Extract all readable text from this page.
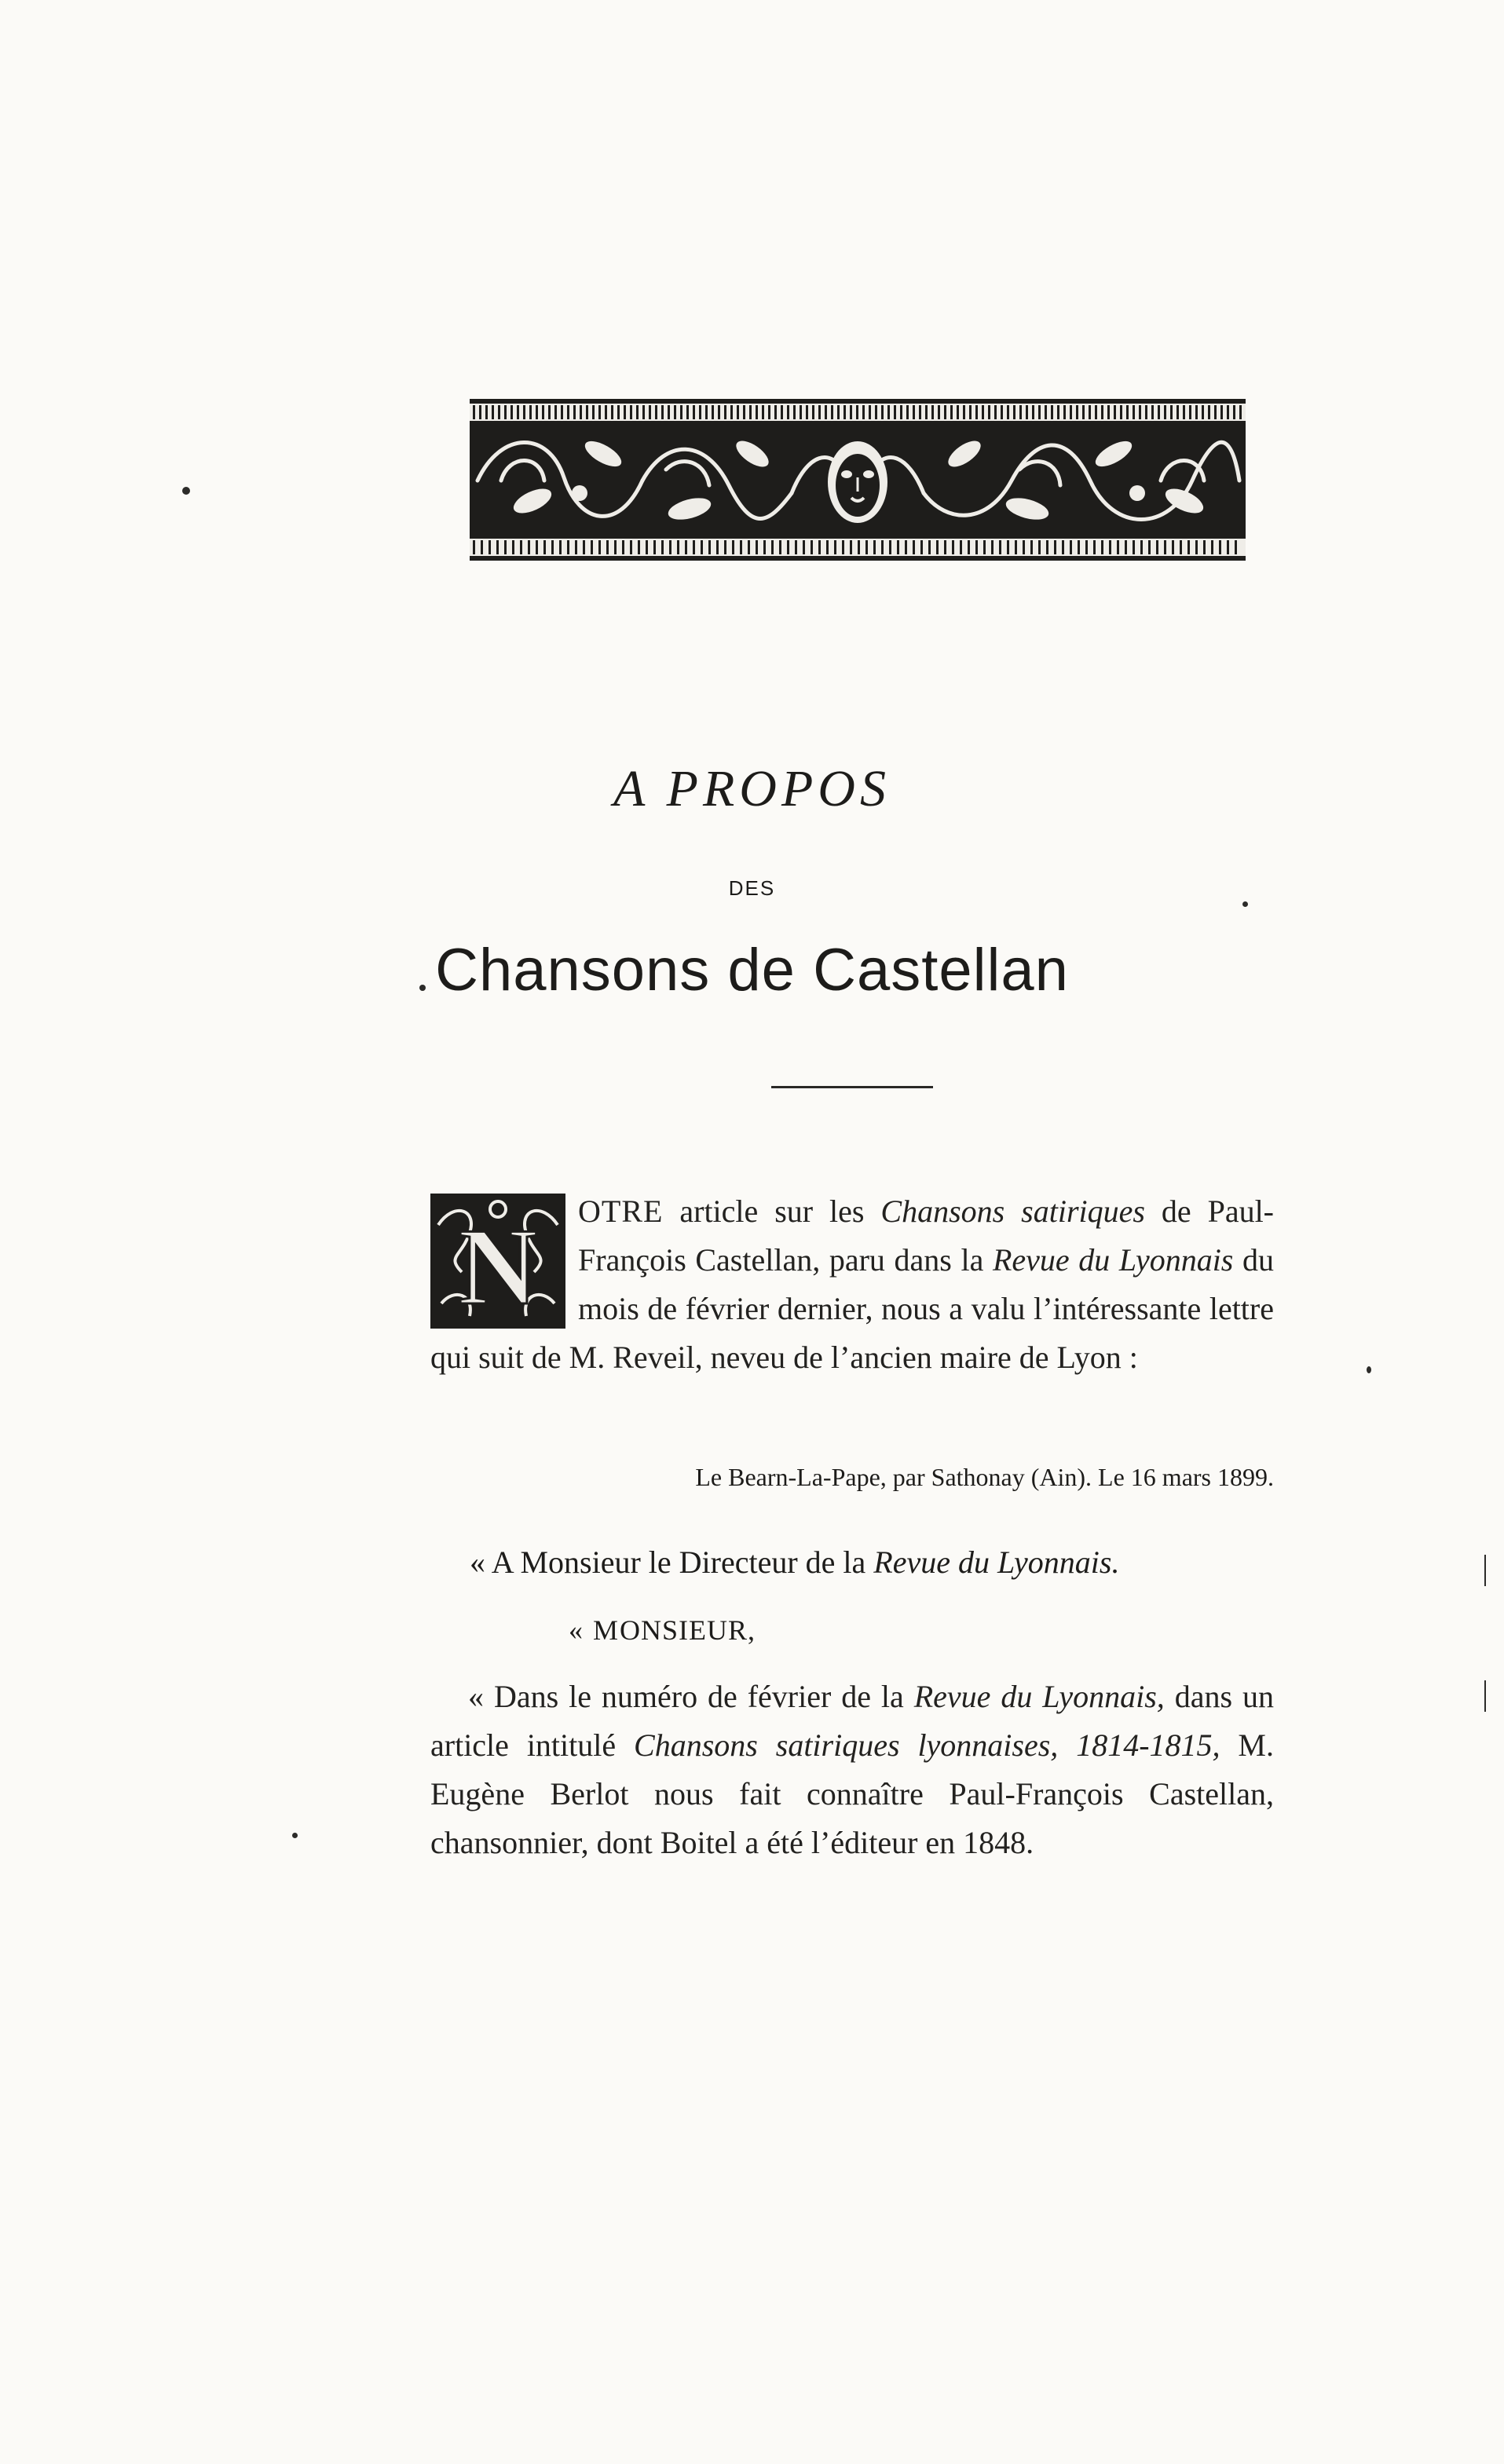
A PROPOS
DES
Chansons de Castellan
N OTRE article sur les Chansons satiriques de Paul-François Castellan, paru dans la Revue du Lyonnais du mois de février dernier, nous a valu l’intéressante lettre qui suit de M. Reveil, neveu de l’ancien maire de Lyon :
Le Bearn-La-Pape, par Sathonay (Ain). Le 16 mars 1899.
« A Monsieur le Directeur de la Revue du Lyonnais.
« MONSIEUR,
« Dans le numéro de février de la Revue du Lyonnais, dans un article intitulé Chansons satiriques lyonnaises, 1814-1815, M. Eugène Berlot nous fait connaître Paul-François Castellan, chansonnier, dont Boitel a été l’éditeur en 1848.
